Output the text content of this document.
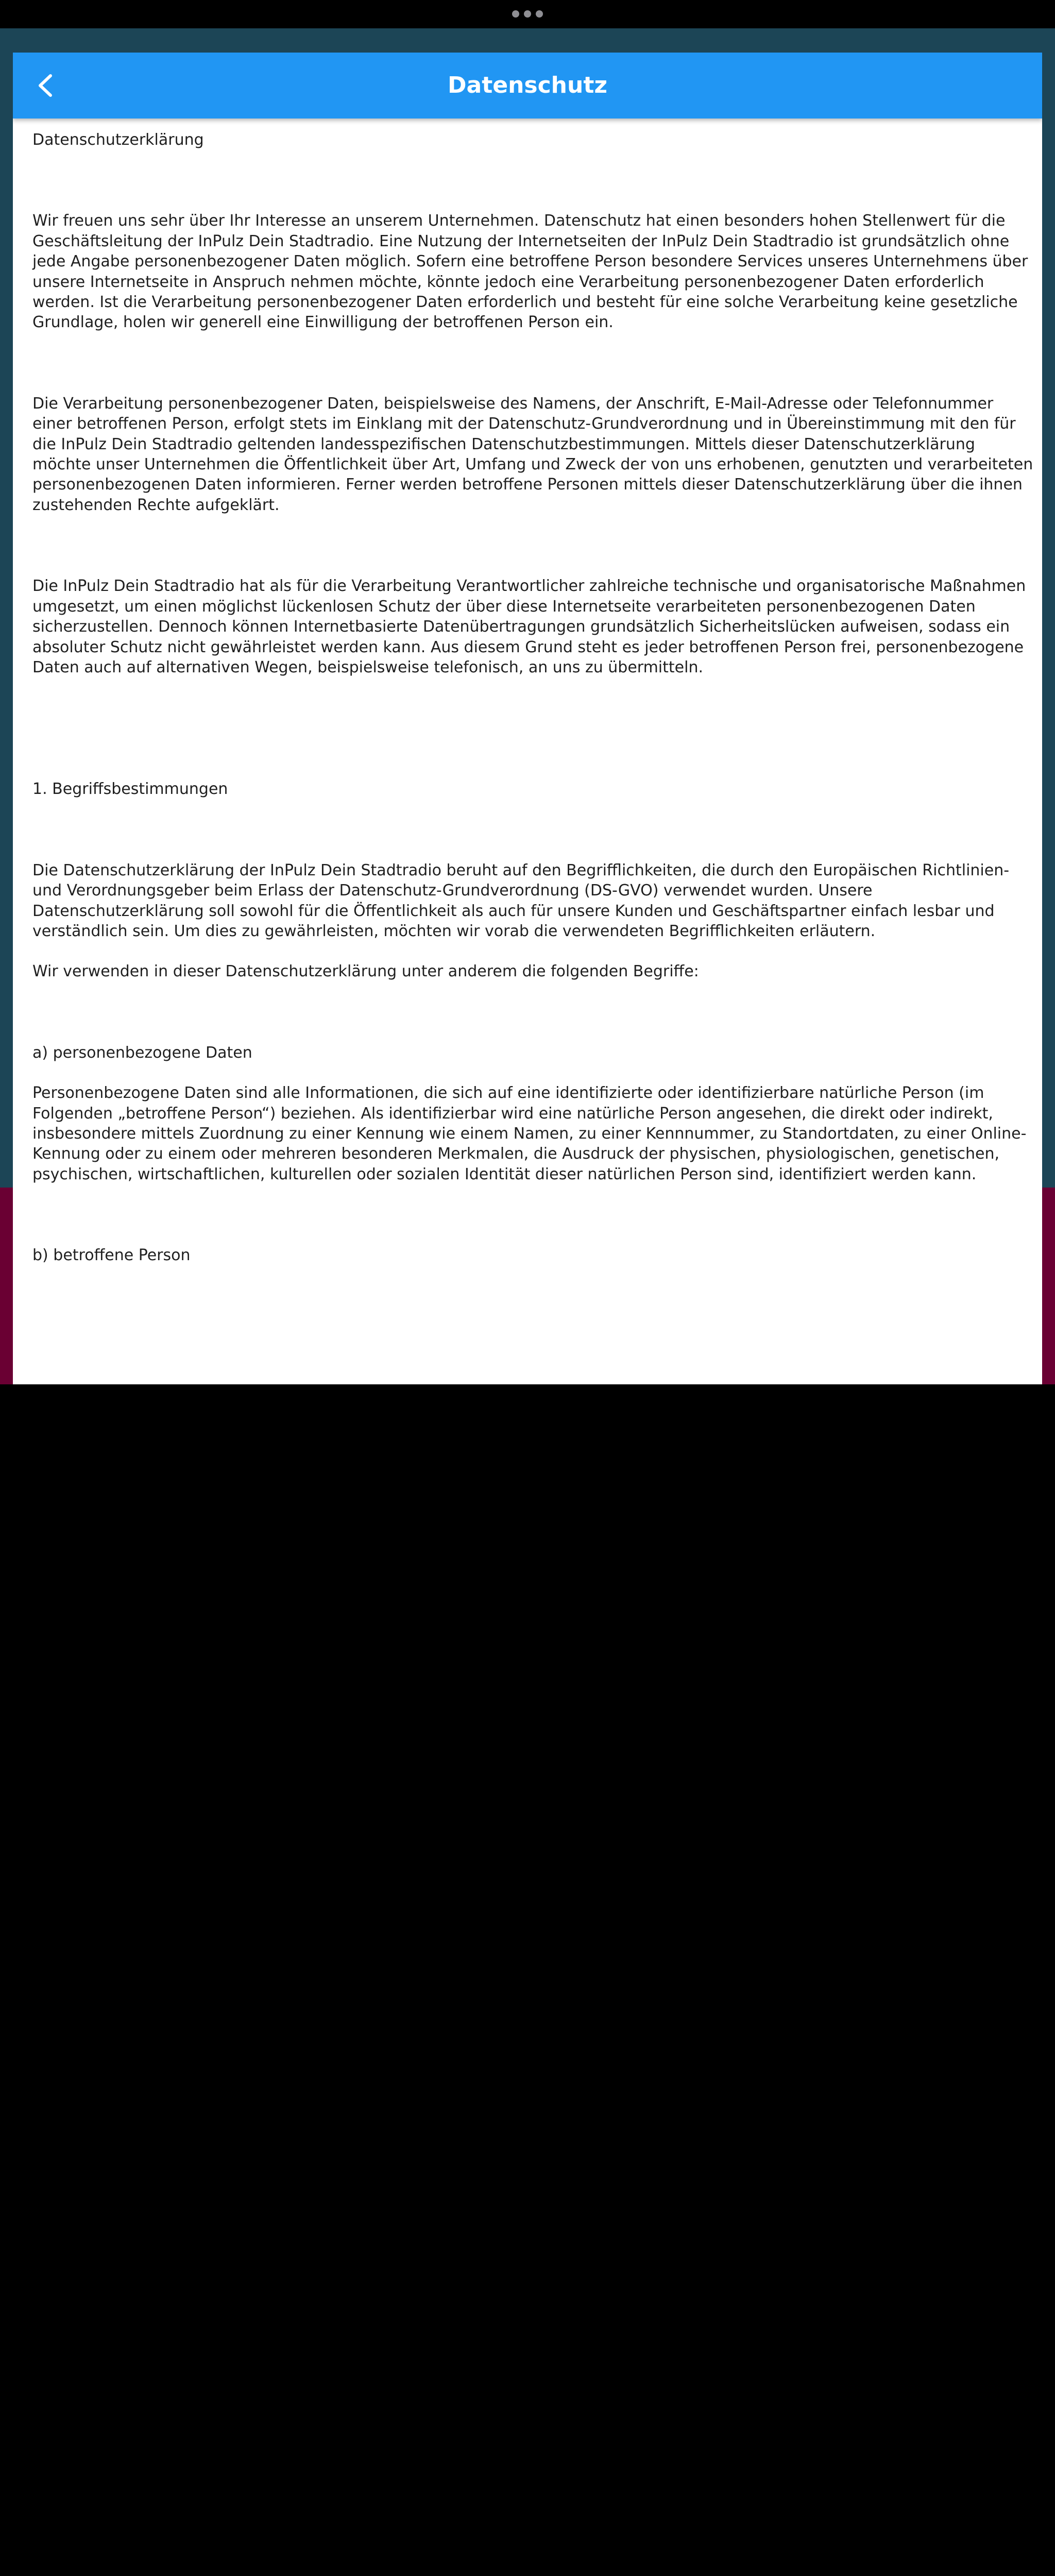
Datenschutz

Datenschutzerklärung

Wir freuen uns sehr über Ihr Interesse an unserem Unternehmen. Datenschutz hat einen besonders hohen Stellenwert für die Geschäftsleitung der InPulz Dein Stadtradio. Eine Nutzung der Internetseiten der InPulz Dein Stadtradio ist grundsätzlich ohne jede Angabe personenbezogener Daten möglich. Sofern eine betroffene Person besondere Services unseres Unternehmens über unsere Internetseite in Anspruch nehmen möchte, könnte jedoch eine Verarbeitung personenbezogener Daten erforderlich werden. Ist die Verarbeitung personenbezogener Daten erforderlich und besteht für eine solche Verarbeitung keine gesetzliche Grundlage, holen wir generell eine Einwilligung der betroffenen Person ein.

Die Verarbeitung personenbezogener Daten, beispielsweise des Namens, der Anschrift, E-Mail-Adresse oder Telefonnummer einer betroffenen Person, erfolgt stets im Einklang mit der Datenschutz-Grundverordnung und in Übereinstimmung mit den für die InPulz Dein Stadtradio geltenden landesspezifischen Datenschutzbestimmungen. Mittels dieser Datenschutzerklärung möchte unser Unternehmen die Öffentlichkeit über Art, Umfang und Zweck der von uns erhobenen, genutzten und verarbeiteten personenbezogenen Daten informieren. Ferner werden betroffene Personen mittels dieser Datenschutzerklärung über die ihnen zustehenden Rechte aufgeklärt.

Die InPulz Dein Stadtradio hat als für die Verarbeitung Verantwortlicher zahlreiche technische und organisatorische Maßnahmen umgesetzt, um einen möglichst lückenlosen Schutz der über diese Internetseite verarbeiteten personenbezogenen Daten sicherzustellen. Dennoch können Internetbasierte Datenübertragungen grundsätzlich Sicherheitslücken aufweisen, sodass ein absoluter Schutz nicht gewährleistet werden kann. Aus diesem Grund steht es jeder betroffenen Person frei, personenbezogene Daten auch auf alternativen Wegen, beispielsweise telefonisch, an uns zu übermitteln.

1. Begriffsbestimmungen

Die Datenschutzerklärung der InPulz Dein Stadtradio beruht auf den Begrifflichkeiten, die durch den Europäischen Richtlinien- und Verordnungsgeber beim Erlass der Datenschutz-Grundverordnung (DS-GVO) verwendet wurden. Unsere Datenschutzerklärung soll sowohl für die Öffentlichkeit als auch für unsere Kunden und Geschäftspartner einfach lesbar und verständlich sein. Um dies zu gewährleisten, möchten wir vorab die verwendeten Begrifflichkeiten erläutern.

Wir verwenden in dieser Datenschutzerklärung unter anderem die folgenden Begriffe:

a) personenbezogene Daten

Personenbezogene Daten sind alle Informationen, die sich auf eine identifizierte oder identifizierbare natürliche Person (im Folgenden „betroffene Person“) beziehen. Als identifizierbar wird eine natürliche Person angesehen, die direkt oder indirekt, insbesondere mittels Zuordnung zu einer Kennung wie einem Namen, zu einer Kennnummer, zu Standortdaten, zu einer Online-Kennung oder zu einem oder mehreren besonderen Merkmalen, die Ausdruck der physischen, physiologischen, genetischen, psychischen, wirtschaftlichen, kulturellen oder sozialen Identität dieser natürlichen Person sind, identifiziert werden kann.

b) betroffene Person
